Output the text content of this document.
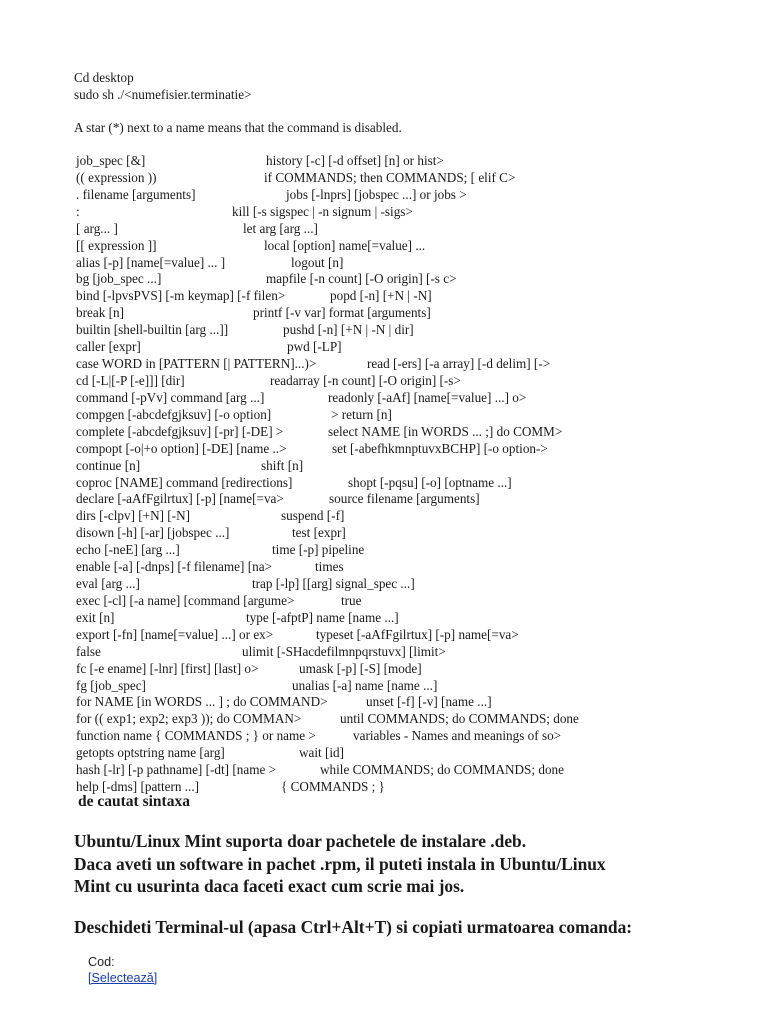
Cd desktop
sudo sh ./<numefisier.terminatie>
A star (*) next to a name means that the command is disabled.
job_spec [&]	history [-c] [-d offset] [n] or hist>
(( expression ))	if COMMANDS; then COMMANDS; [ elif C>
. filename [arguments]	jobs [-lnprs] [jobspec ...] or jobs >
:	kill [-s sigspec | -n signum | -sigs>
[ arg... ]	let arg [arg ...]
[[ expression ]]	local [option] name[=value] ...
alias [-p] [name[=value] ... ]	logout [n]
bg [job_spec ...]	mapfile [-n count] [-O origin] [-s c>
bind [-lpvsPVS] [-m keymap] [-f filen>	popd [-n] [+N | -N]
break [n]	printf [-v var] format [arguments]
builtin [shell-builtin [arg ...]]	pushd [-n] [+N | -N | dir]
caller [expr]	pwd [-LP]
case WORD in [PATTERN [| PATTERN]...)>	read [-ers] [-a array] [-d delim] [->
cd [-L|[-P [-e]]] [dir]	readarray [-n count] [-O origin] [-s>
command [-pVv] command [arg ...]	readonly [-aAf] [name[=value] ...] o>
compgen [-abcdefgjksuv] [-o option]	> return [n]
complete [-abcdefgjksuv] [-pr] [-DE] >	select NAME [in WORDS ... ;] do COMM>
compopt [-o|+o option] [-DE] [name ..>	set [-abefhkmnptuvxBCHP] [-o option->
continue [n]	shift [n]
coproc [NAME] command [redirections]	shopt [-pqsu] [-o] [optname ...]
declare [-aAfFgilrtux] [-p] [name[=va>	source filename [arguments]
dirs [-clpv] [+N] [-N]	suspend [-f]
disown [-h] [-ar] [jobspec ...]	test [expr]
echo [-neE] [arg ...]	time [-p] pipeline
enable [-a] [-dnps] [-f filename] [na>	times
eval [arg ...]	trap [-lp] [[arg] signal_spec ...]
exec [-cl] [-a name] [command [argume>	true
exit [n]	type [-afptP] name [name ...]
export [-fn] [name[=value] ...] or ex>	typeset [-aAfFgilrtux] [-p] name[=va>
false	ulimit [-SHacdefilmnpqrstuvx] [limit>
fc [-e ename] [-lnr] [first] [last] o>	umask [-p] [-S] [mode]
fg [job_spec]	unalias [-a] name [name ...]
for NAME [in WORDS ... ] ; do COMMAND>	unset [-f] [-v] [name ...]
for (( exp1; exp2; exp3 )); do COMMAN>	until COMMANDS; do COMMANDS; done
function name { COMMANDS ; } or name >	variables - Names and meanings of so>
getopts optstring name [arg]	wait [id]
hash [-lr] [-p pathname] [-dt] [name >	while COMMANDS; do COMMANDS; done
help [-dms] [pattern ...]	{ COMMANDS ; }
de cautat sintaxa
Ubuntu/Linux Mint suporta doar pachetele de instalare .deb.
Daca aveti un software in pachet .rpm, il puteti instala in Ubuntu/Linux
Mint cu usurinta daca faceti exact cum scrie mai jos.
Deschideti Terminal-ul (apasa Ctrl+Alt+T) si copiati urmatoarea comanda:

Cod:
[Selectează]
